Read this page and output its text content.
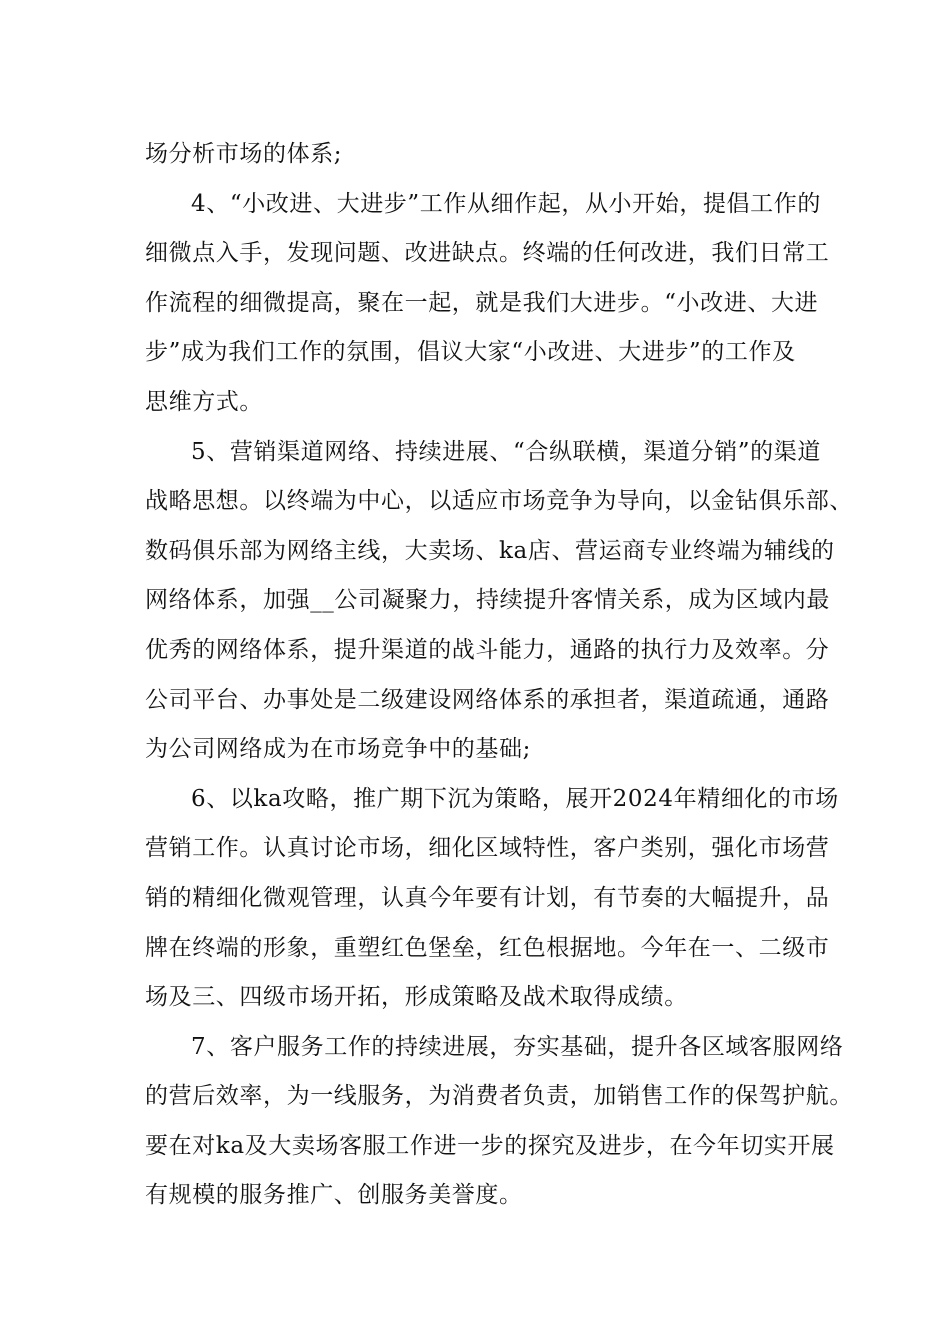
场分析市场的体系;
4、“小改进、大进步”工作从细作起，从小开始，提倡工作的
细微点入手，发现问题、改进缺点。终端的任何改进，我们日常工
作流程的细微提高，聚在一起，就是我们大进步。“小改进、大进
步”成为我们工作的氛围，倡议大家“小改进、大进步”的工作及
思维方式。
5、营销渠道网络、持续进展、“合纵联横，渠道分销”的渠道
战略思想。以终端为中心，以适应市场竞争为导向，以金钻俱乐部、
数码俱乐部为网络主线，大卖场、ka店、营运商专业终端为辅线的
网络体系，加强__公司凝聚力，持续提升客情关系，成为区域内最
优秀的网络体系，提升渠道的战斗能力，通路的执行力及效率。分
公司平台、办事处是二级建设网络体系的承担者，渠道疏通，通路
为公司网络成为在市场竞争中的基础;
6、以ka攻略，推广期下沉为策略，展开2024年精细化的市场
营销工作。认真讨论市场，细化区域特性，客户类别，强化市场营
销的精细化微观管理，认真今年要有计划，有节奏的大幅提升，品
牌在终端的形象，重塑红色堡垒，红色根据地。今年在一、二级市
场及三、四级市场开拓，形成策略及战术取得成绩。
7、客户服务工作的持续进展，夯实基础，提升各区域客服网络
的营后效率，为一线服务，为消费者负责，加销售工作的保驾护航。
要在对ka及大卖场客服工作进一步的探究及进步，在今年切实开展
有规模的服务推广、创服务美誉度。
